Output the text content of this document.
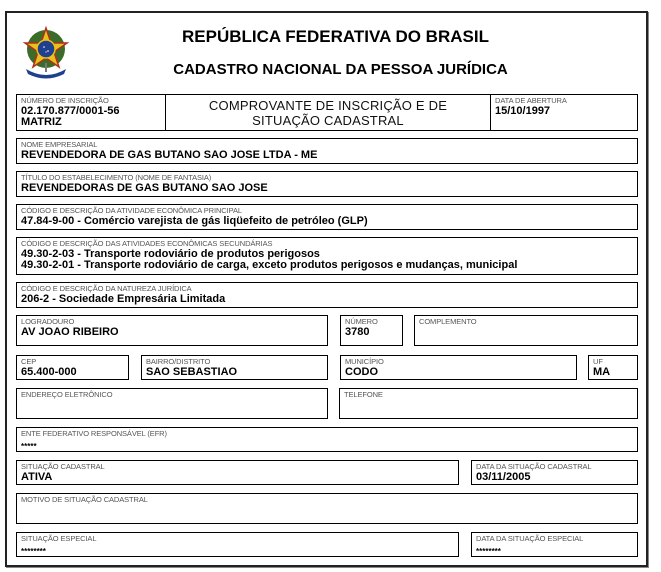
REPÚBLICA FEDERATIVA DO BRASIL
CADASTRO NACIONAL DA PESSOA JURÍDICA
NÚMERO DE INSCRIÇÃO
02.170.877/0001-56
MATRIZ
COMPROVANTE DE INSCRIÇÃO E DE
SITUAÇÃO CADASTRAL
DATA DE ABERTURA
15/10/1997
NOME EMPRESARIAL
REVENDEDORA DE GAS BUTANO SAO JOSE LTDA - ME
TÍTULO DO ESTABELECIMENTO (NOME DE FANTASIA)
REVENDEDORAS DE GAS BUTANO SAO JOSE
CÓDIGO E DESCRIÇÃO DA ATIVIDADE ECONÔMICA PRINCIPAL
47.84-9-00 - Comércio varejista de gás liqüefeito de petróleo (GLP)
CÓDIGO E DESCRIÇÃO DAS ATIVIDADES ECONÔMICAS SECUNDÁRIAS
49.30-2-03 - Transporte rodoviário de produtos perigosos
49.30-2-01 - Transporte rodoviário de carga, exceto produtos perigosos e mudanças, municipal
CÓDIGO E DESCRIÇÃO DA NATUREZA JURÍDICA
206-2 - Sociedade Empresária Limitada
LOGRADOURO
AV JOAO RIBEIRO
NÚMERO
3780
COMPLEMENTO
CEP
65.400-000
BAIRRO/DISTRITO
SAO SEBASTIAO
MUNICÍPIO
CODO
UF
MA
ENDEREÇO ELETRÔNICO	TELEFONE
ENTE FEDERATIVO RESPONSÁVEL (EFR)
*****
SITUAÇÃO CADASTRAL
ATIVA
DATA DA SITUAÇÃO CADASTRAL
03/11/2005
MOTIVO DE SITUAÇÃO CADASTRAL
SITUAÇÃO ESPECIAL
********
DATA DA SITUAÇÃO ESPECIAL
********
